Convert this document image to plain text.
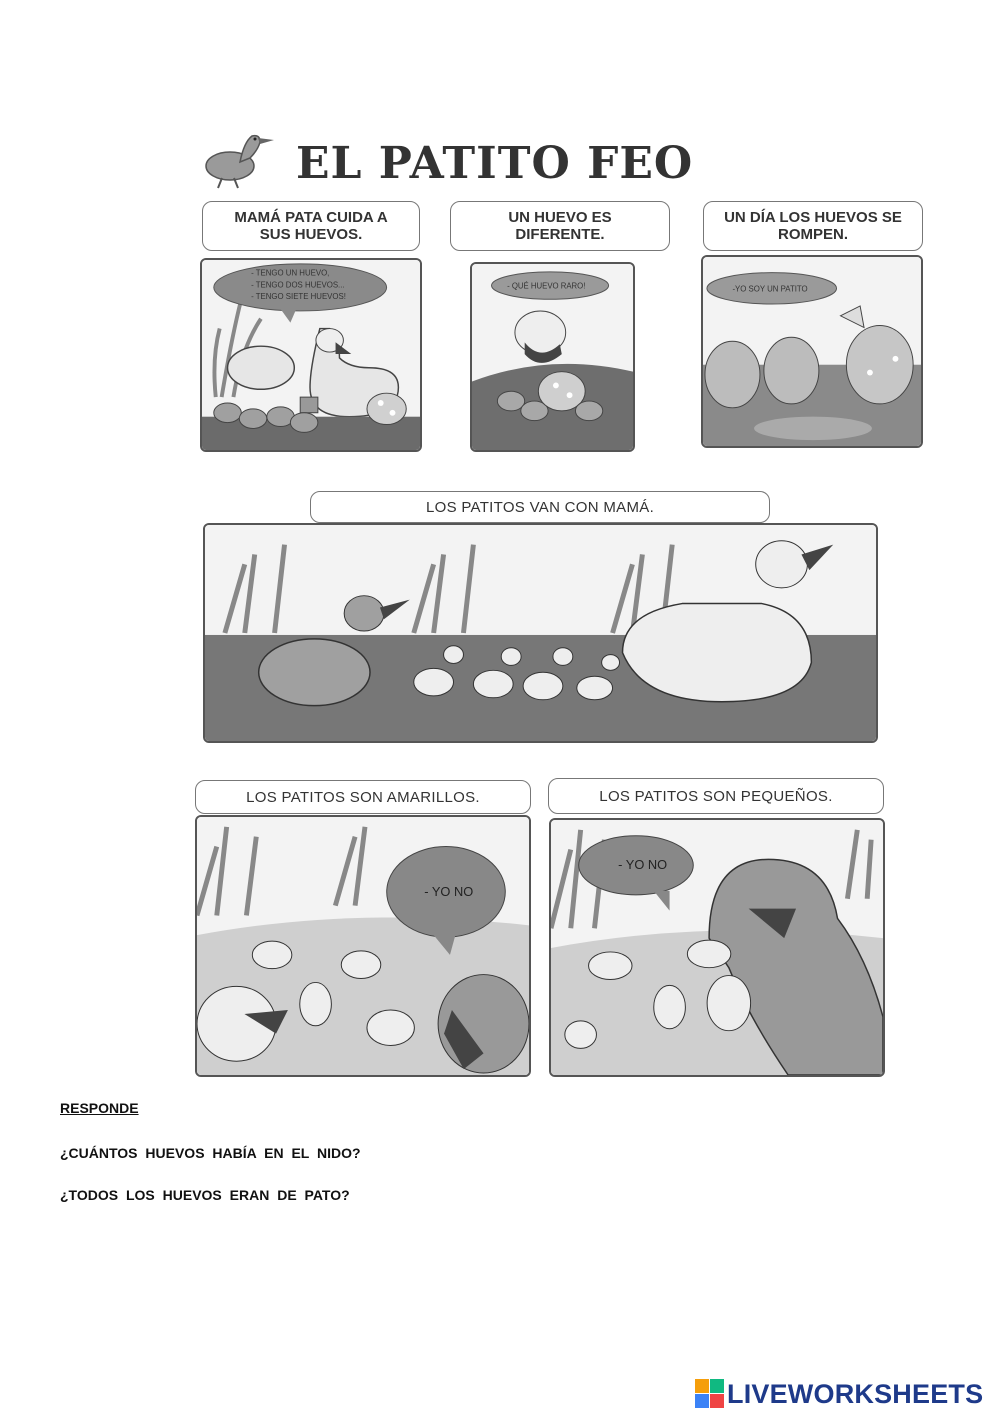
EL PATITO FEO
MAMÁ PATA CUIDA A SUS HUEVOS.
UN HUEVO ES DIFERENTE.
UN DÍA LOS HUEVOS SE ROMPEN.
- TENGO UN HUEVO,
- TENGO DOS HUEVOS...
- TENGO SIETE HUEVOS!
- QUÉ HUEVO RARO!	-YO SOY UN PATITO
LOS PATITOS VAN CON MAMÁ.
LOS PATITOS SON AMARILLOS.	LOS PATITOS SON PEQUEÑOS.
- YO NO
- YO NO

RESPONDE

¿CUÁNTOS HUEVOS HABÍA EN EL NIDO?

¿TODOS LOS HUEVOS ERAN DE PATO?

LIVEWORKSHEETS
